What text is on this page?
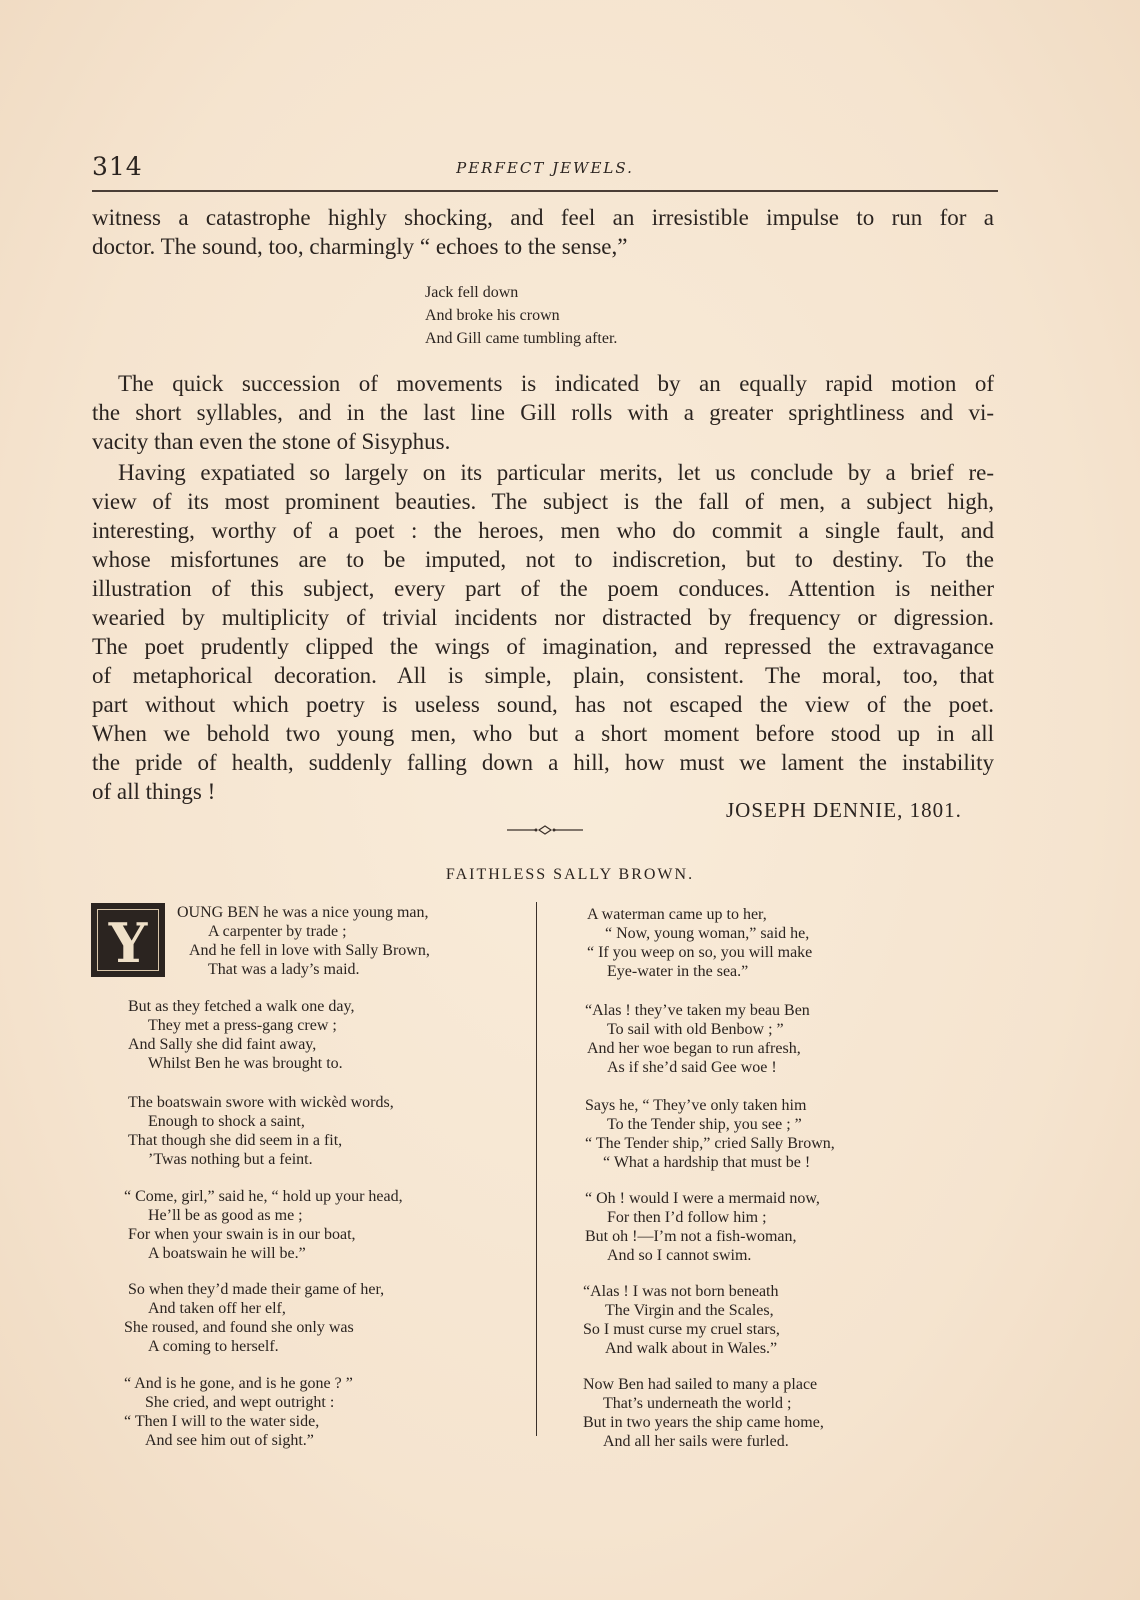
314	PERFECT JEWELS.
witness a catastrophe highly shocking, and feel an irresistible impulse to run for a
doctor. The sound, too, charmingly “ echoes to the sense,”
Jack fell down
And broke his crown
And Gill came tumbling after.
The quick succession of movements is indicated by an equally rapid motion of
the short syllables, and in the last line Gill rolls with a greater sprightliness and vi-
vacity than even the stone of Sisyphus.
Having expatiated so largely on its particular merits, let us conclude by a brief re-
view of its most prominent beauties. The subject is the fall of men, a subject high,
interesting, worthy of a poet : the heroes, men who do commit a single fault, and
whose misfortunes are to be imputed, not to indiscretion, but to destiny. To the
illustration of this subject, every part of the poem conduces. Attention is neither
wearied by multiplicity of trivial incidents nor distracted by frequency or digression.
The poet prudently clipped the wings of imagination, and repressed the extravagance
of metaphorical decoration. All is simple, plain, consistent. The moral, too, that
part without which poetry is useless sound, has not escaped the view of the poet.
When we behold two young men, who but a short moment before stood up in all
the pride of health, suddenly falling down a hill, how must we lament the instability
of all things !
JOSEPH DENNIE, 1801.
FAITHLESS SALLY BROWN.
Y	OUNG BEN he was a nice young man,
A carpenter by trade ;
And he fell in love with Sally Brown,
That was a lady’s maid.
But as they fetched a walk one day,
They met a press-gang crew ;
And Sally she did faint away,
Whilst Ben he was brought to.
The boatswain swore with wickèd words,
Enough to shock a saint,
That though she did seem in a fit,
’Twas nothing but a feint.
“ Come, girl,” said he, “ hold up your head,
He’ll be as good as me ;
For when your swain is in our boat,
A boatswain he will be.”
So when they’d made their game of her,
And taken off her elf,
She roused, and found she only was
A coming to herself.
“ And is he gone, and is he gone ? ”
She cried, and wept outright :
“ Then I will to the water side,
And see him out of sight.”
A waterman came up to her,
“ Now, young woman,” said he,
“ If you weep on so, you will make
Eye-water in the sea.”
“Alas ! they’ve taken my beau Ben
To sail with old Benbow ; ”
And her woe began to run afresh,
As if she’d said Gee woe !
Says he, “ They’ve only taken him
To the Tender ship, you see ; ”
“ The Tender ship,” cried Sally Brown,
“ What a hardship that must be !
“ Oh ! would I were a mermaid now,
For then I’d follow him ;
But oh !—I’m not a fish-woman,
And so I cannot swim.
“Alas ! I was not born beneath
The Virgin and the Scales,
So I must curse my cruel stars,
And walk about in Wales.”
Now Ben had sailed to many a place
That’s underneath the world ;
But in two years the ship came home,
And all her sails were furled.
